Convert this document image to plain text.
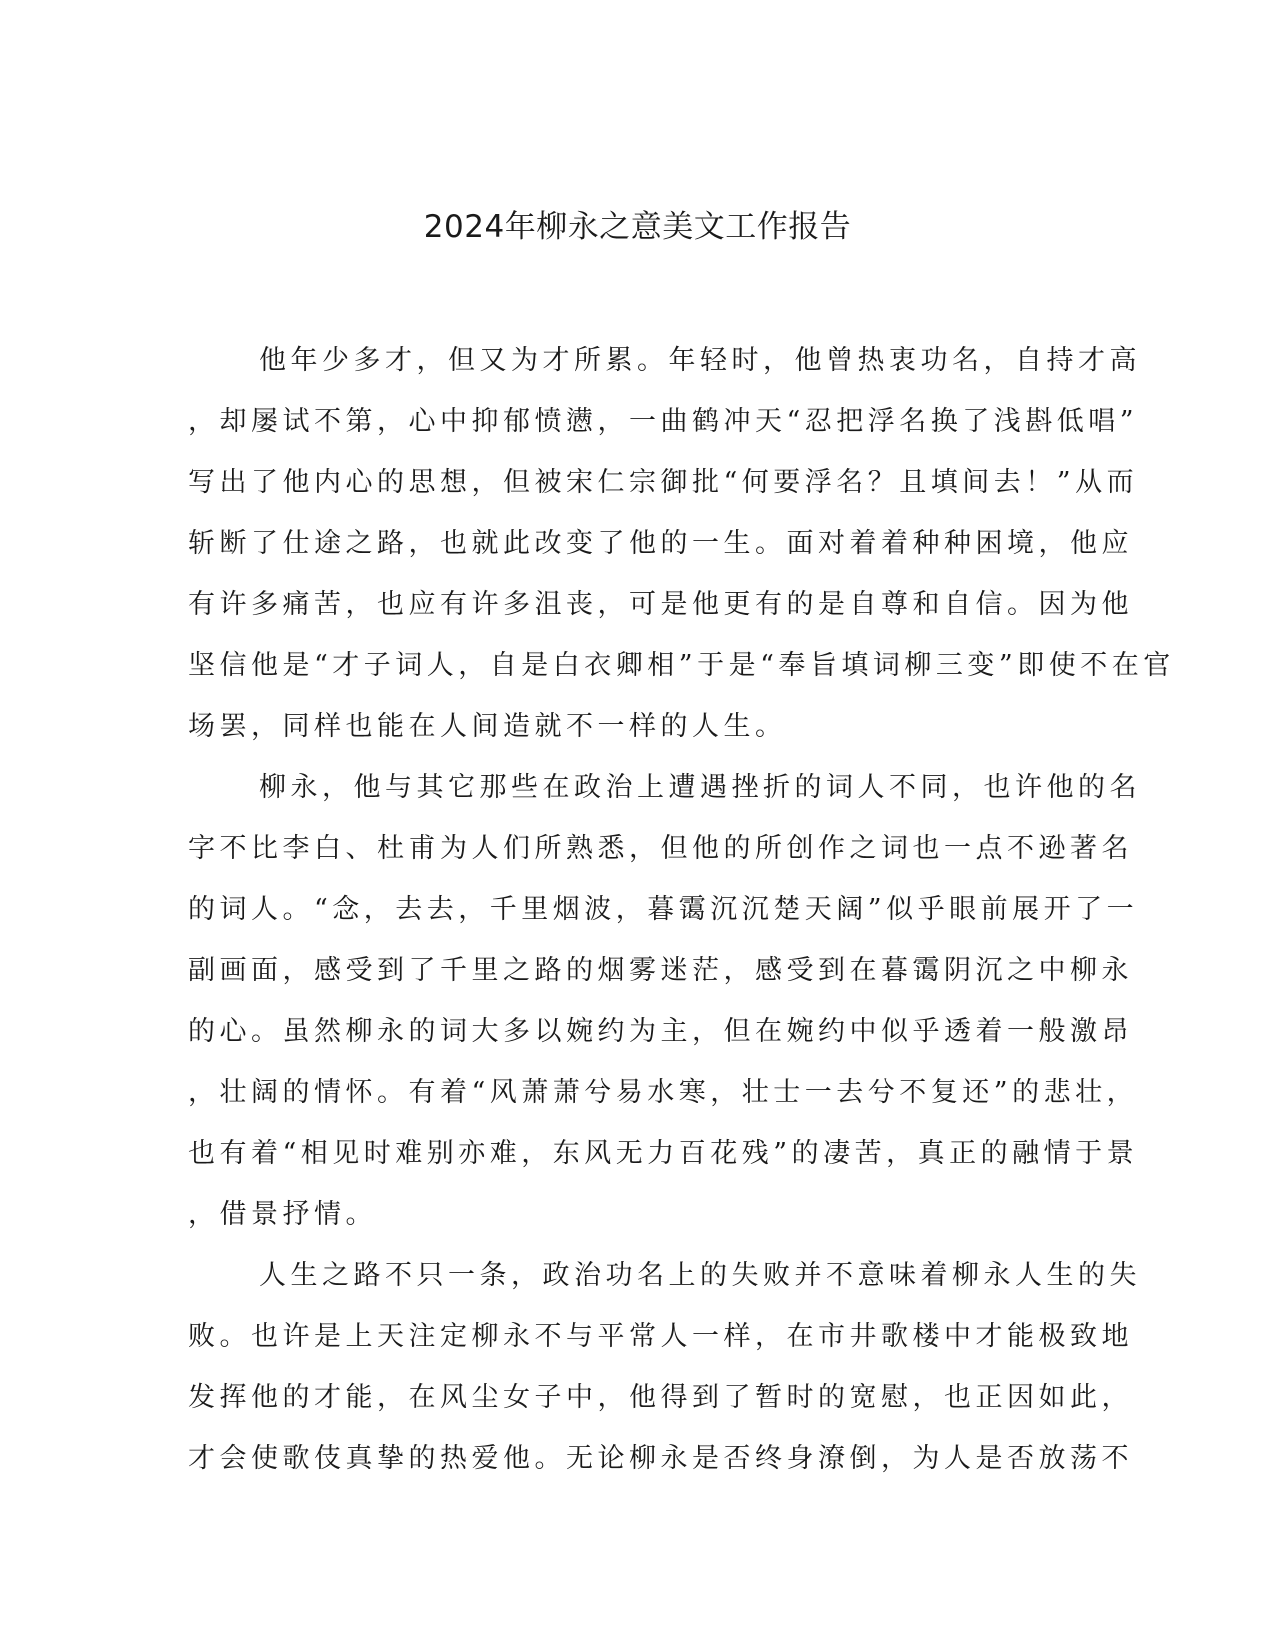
2024年柳永之意美文工作报告

他年少多才，但又为才所累。年轻时，他曾热衷功名，自持才高
，却屡试不第，心中抑郁愤懑，一曲鹤冲天“忍把浮名换了浅斟低唱”
写出了他内心的思想，但被宋仁宗御批“何要浮名？且填间去！”从而
斩断了仕途之路，也就此改变了他的一生。面对着着种种困境，他应
有许多痛苦，也应有许多沮丧，可是他更有的是自尊和自信。因为他
坚信他是“才子词人，自是白衣卿相”于是“奉旨填词柳三变”即使不在官
场罢，同样也能在人间造就不一样的人生。

柳永，他与其它那些在政治上遭遇挫折的词人不同，也许他的名
字不比李白、杜甫为人们所熟悉，但他的所创作之词也一点不逊著名
的词人。“念，去去，千里烟波，暮霭沉沉楚天阔”似乎眼前展开了一
副画面，感受到了千里之路的烟雾迷茫，感受到在暮霭阴沉之中柳永
的心。虽然柳永的词大多以婉约为主，但在婉约中似乎透着一般激昂
，壮阔的情怀。有着“风萧萧兮易水寒，壮士一去兮不复还”的悲壮，
也有着“相见时难别亦难，东风无力百花残”的凄苦，真正的融情于景
，借景抒情。

人生之路不只一条，政治功名上的失败并不意味着柳永人生的失
败。也许是上天注定柳永不与平常人一样，在市井歌楼中才能极致地
发挥他的才能，在风尘女子中，他得到了暂时的宽慰，也正因如此，
才会使歌伎真挚的热爱他。无论柳永是否终身潦倒，为人是否放荡不
